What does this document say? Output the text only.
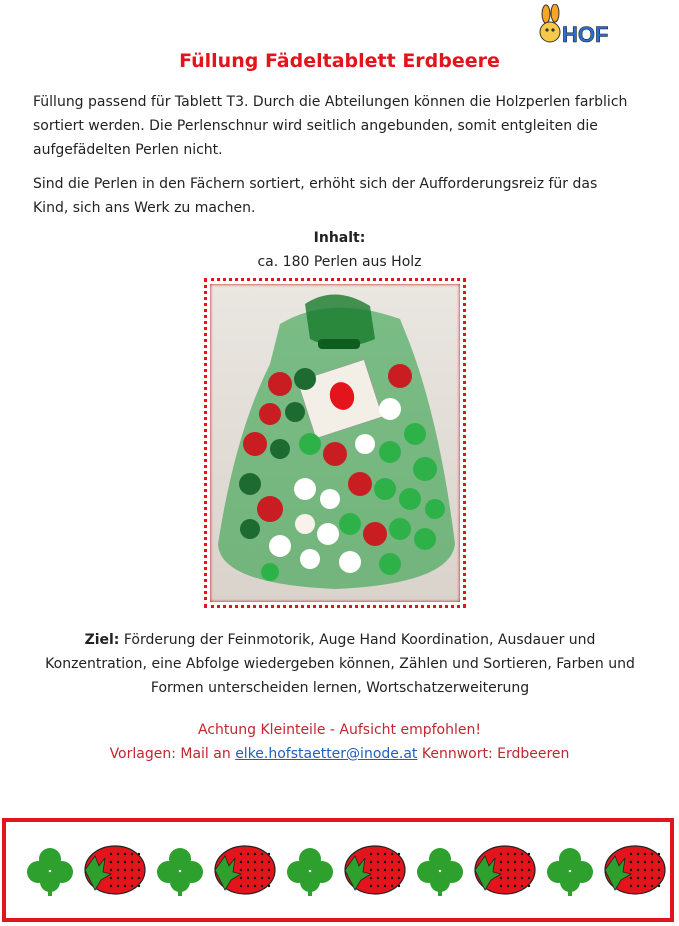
HOF
Füllung Fädeltablett Erdbeere
Füllung passend für Tablett T3. Durch die Abteilungen können die Holzperlen farblich sortiert werden. Die Perlenschnur wird seitlich angebunden, somit entgleiten die aufgefädelten Perlen nicht.
Sind die Perlen in den Fächern sortiert, erhöht sich der Aufforderungsreiz für das Kind, sich ans Werk zu machen.
Inhalt:
ca. 180 Perlen aus Holz
Ziel: Förderung der Feinmotorik, Auge Hand Koordination, Ausdauer und Konzentration, eine Abfolge wiedergeben können, Zählen und Sortieren, Farben und Formen unterscheiden lernen, Wortschatzerweiterung
Achtung Kleinteile - Aufsicht empfohlen!
Vorlagen: Mail an elke.hofstaetter@inode.at Kennwort: Erdbeeren
